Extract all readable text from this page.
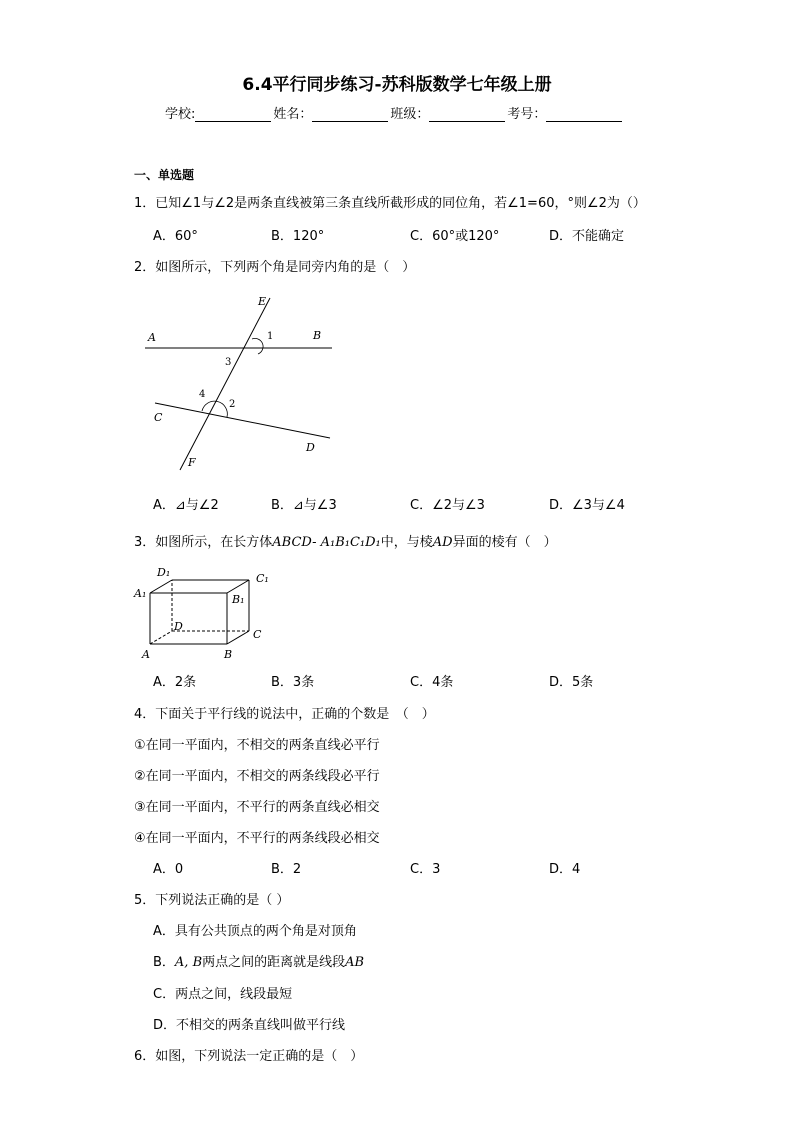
6.4平行同步练习-苏科版数学七年级上册
学校:	姓名：	班级：	考号：
一、单选题
1．已知∠1与∠2是两条直线被第三条直线所截形成的同位角，若∠1=60，°则∠2为（）
A．60°	B．120°	C．60°或120°	D．不能确定
2．如图所示，下列两个角是同旁内角的是（　）
E
A	B
1
3
4
2
C
D
F
A．⊿与∠2	B．⊿与∠3	C．∠2与∠3	D．∠3与∠4
3．如图所示，在长方体ABCD- A₁B₁C₁D₁中，与棱AD异面的棱有（　）
D₁	C₁
A₁	B₁
D
C
A	B
A．2条	B．3条	C．4条	D．5条
4．下面关于平行线的说法中，正确的个数是　（　）
①在同一平面内，不相交的两条直线必平行
②在同一平面内，不相交的两条线段必平行
③在同一平面内，不平行的两条直线必相交
④在同一平面内，不平行的两条线段必相交
A．0	B．2	C．3	D．4
5．下列说法正确的是（ ）
A．具有公共顶点的两个角是对顶角
B．A, B两点之间的距离就是线段AB
C．两点之间，线段最短
D．不相交的两条直线叫做平行线
6．如图，下列说法一定正确的是（　）
